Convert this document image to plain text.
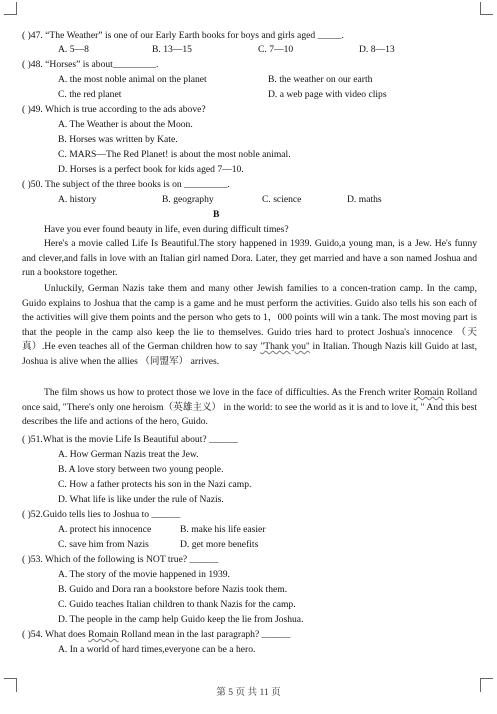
( )47. “The Weather” is one of our Early Earth books for boys and girls aged _____.
A. 5—8	B. 13—15	C. 7—10	D. 8—13
( )48. “Horses” is about_________.
A. the most noble animal on the planet	B. the weather on our earth
C. the red planet	D. a web page with video clips
( )49. Which is true according to the ads above?
A. The Weather is about the Moon.
B. Horses was written by Kate.
C. MARS—The Red Planet! is about the most noble animal.
D. Horses is a perfect book for kids aged 7—10.
( )50. The subject of the three books is on _________.
A. history	B. geography	C. science	D. maths
B
Have you ever found beauty in life, even during difficult times?
Here's a movie called Life Is Beautiful.The story happened in 1939. Guido,a young man, is a Jew. He's funny and clever,and falls in love with an Italian girl named Dora. Later, they get married and have a son named Joshua and run a bookstore together.
Unluckily, German Nazis take them and many other Jewish families to a concen-tration camp. In the camp, Guido explains to Joshua that the camp is a game and he must perform the activities. Guido also tells his son each of the activities will give them points and the person who gets to 1，000 points will win a tank. The most moving part is that the people in the camp also keep the lie to themselves. Guido tries hard to protect Joshua's innocence （天真）.He even teaches all of the German children how to say "Thank you" in Italian. Though Nazis kill Guido at last, Joshua is alive when the allies （同盟军） arrives.
The film shows us how to protect those we love in the face of difficulties. As the French writer Romain Rolland once said, "There's only one heroism（英雄主义） in the world: to see the world as it is and to love it, " And this best describes the life and actions of the hero, Guido.
( )51.What is the movie Life Is Beautiful about? ______
A. How German Nazis treat the Jew.
B. A love story between two young people.
C. How a father protects his son in the Nazi camp.
D. What life is like under the rule of Nazis.
( )52.Guido tells lies to Joshua to ______
A. protect his innocence	B. make his life easier
C. save him from Nazis	D. get more benefits
( )53. Which of the following is NOT true? ______
A. The story of the movie happened in 1939.
B. Guido and Dora ran a bookstore before Nazis took them.
C. Guido teaches Italian children to thank Nazis for the camp.
D. The people in the camp help Guido keep the lie from Joshua.
( )54. What does Romain Rolland mean in the last paragraph? ______
A. In a world of hard times,everyone can be a hero.
第 5 页 共 11 页
